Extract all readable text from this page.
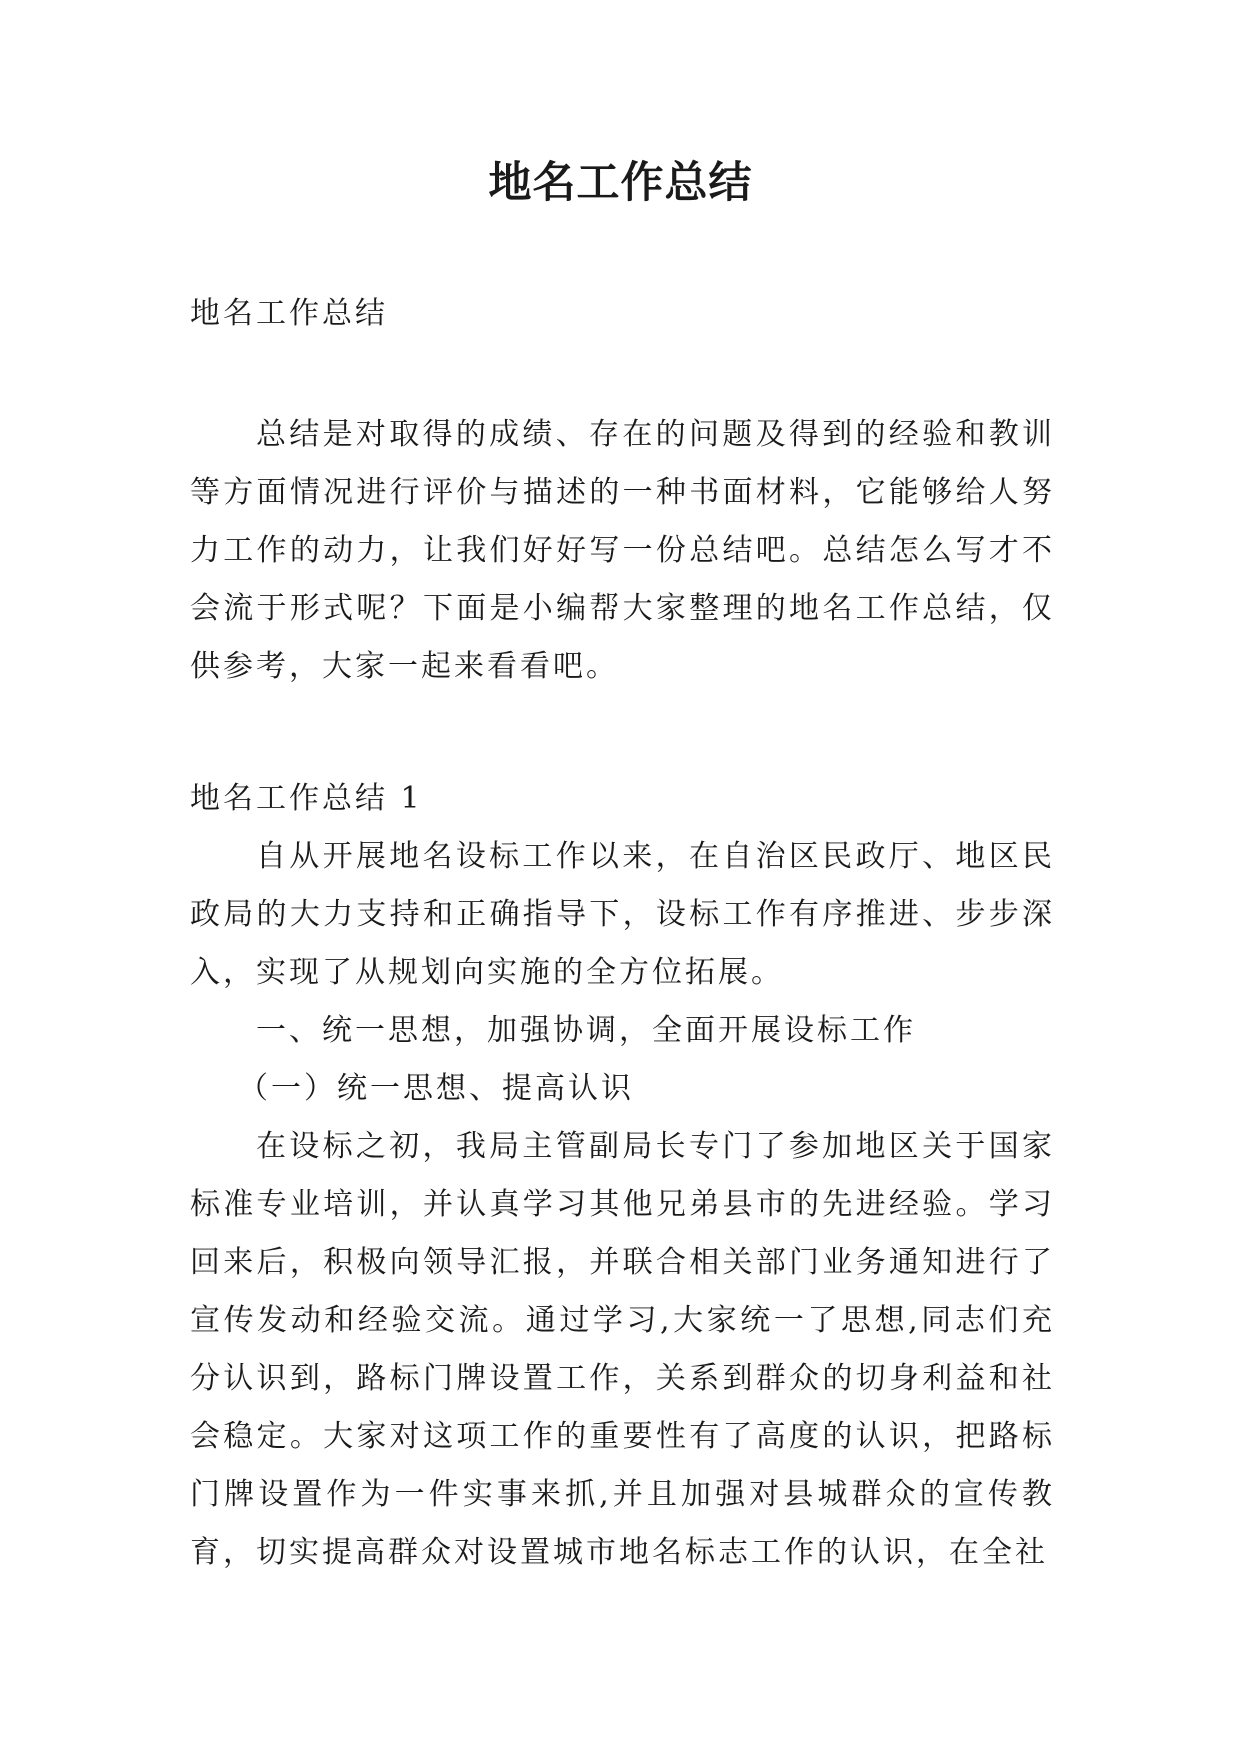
地名工作总结

地名工作总结

总结是对取得的成绩、存在的问题及得到的经验和教训等方面情况进行评价与描述的一种书面材料，它能够给人努力工作的动力，让我们好好写一份总结吧。总结怎么写才不会流于形式呢？下面是小编帮大家整理的地名工作总结，仅供参考，大家一起来看看吧。

地名工作总结 1

自从开展地名设标工作以来，在自治区民政厅、地区民政局的大力支持和正确指导下，设标工作有序推进、步步深入，实现了从规划向实施的全方位拓展。

一、统一思想，加强协调，全面开展设标工作

（一）统一思想、提高认识

在设标之初，我局主管副局长专门了参加地区关于国家标准专业培训，并认真学习其他兄弟县市的先进经验。学习回来后，积极向领导汇报，并联合相关部门业务通知进行了宣传发动和经验交流。通过学习,大家统一了思想,同志们充分认识到，路标门牌设置工作，关系到群众的切身利益和社会稳定。大家对这项工作的重要性有了高度的认识，把路标门牌设置作为一件实事来抓,并且加强对县城群众的宣传教育，切实提高群众对设置城市地名标志工作的认识，在全社
